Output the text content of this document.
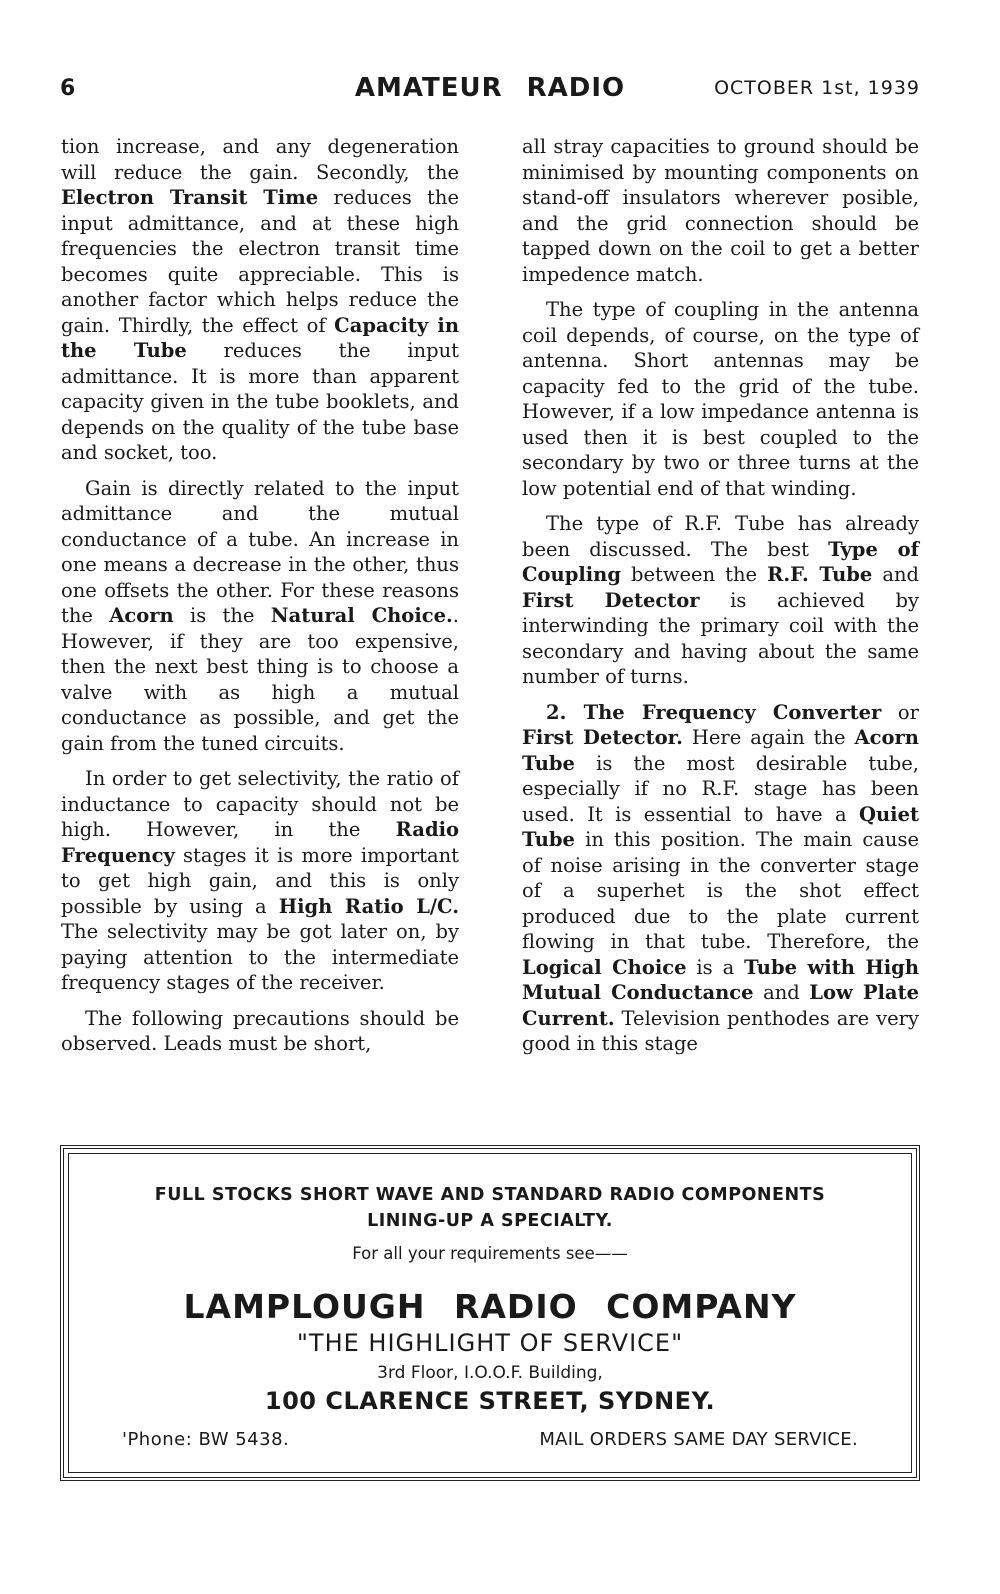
6	AMATEUR RADIO	OCTOBER 1st, 1939

tion increase, and any degeneration will reduce the gain. Secondly, the Electron Transit Time reduces the input admittance, and at these high frequencies the electron transit time becomes quite appreciable. This is another factor which helps reduce the gain. Thirdly, the effect of Capacity in the Tube reduces the input admittance. It is more than apparent capacity given in the tube booklets, and depends on the quality of the tube base and socket, too.

Gain is directly related to the input admittance and the mutual conductance of a tube. An increase in one means a decrease in the other, thus one offsets the other. For these reasons the Acorn is the Natural Choice.. However, if they are too expensive, then the next best thing is to choose a valve with as high a mutual conductance as possible, and get the gain from the tuned circuits.

In order to get selectivity, the ratio of inductance to capacity should not be high. However, in the Radio Frequency stages it is more important to get high gain, and this is only possible by using a High Ratio L/C. The selectivity may be got later on, by paying attention to the intermediate frequency stages of the receiver.

The following precautions should be observed. Leads must be short,

all stray capacities to ground should be minimised by mounting components on stand-off insulators wherever posible, and the grid connection should be tapped down on the coil to get a better impedence match.

The type of coupling in the antenna coil depends, of course, on the type of antenna. Short antennas may be capacity fed to the grid of the tube. However, if a low impedance antenna is used then it is best coupled to the secondary by two or three turns at the low potential end of that winding.

The type of R.F. Tube has already been discussed. The best Type of Coupling between the R.F. Tube and First Detector is achieved by interwinding the primary coil with the secondary and having about the same number of turns.

2. The Frequency Converter or First Detector. Here again the Acorn Tube is the most desirable tube, especially if no R.F. stage has been used. It is essential to have a Quiet Tube in this position. The main cause of noise arising in the converter stage of a superhet is the shot effect produced due to the plate current flowing in that tube. Therefore, the Logical Choice is a Tube with High Mutual Conductance and Low Plate Current. Television penthodes are very good in this stage

FULL STOCKS SHORT WAVE AND STANDARD RADIO COMPONENTS
LINING-UP A SPECIALTY.
For all your requirements see——
LAMPLOUGH RADIO COMPANY
"THE HIGHLIGHT OF SERVICE"
3rd Floor, I.O.O.F. Building,
100 CLARENCE STREET, SYDNEY.
'Phone: BW 5438.	MAIL ORDERS SAME DAY SERVICE.
